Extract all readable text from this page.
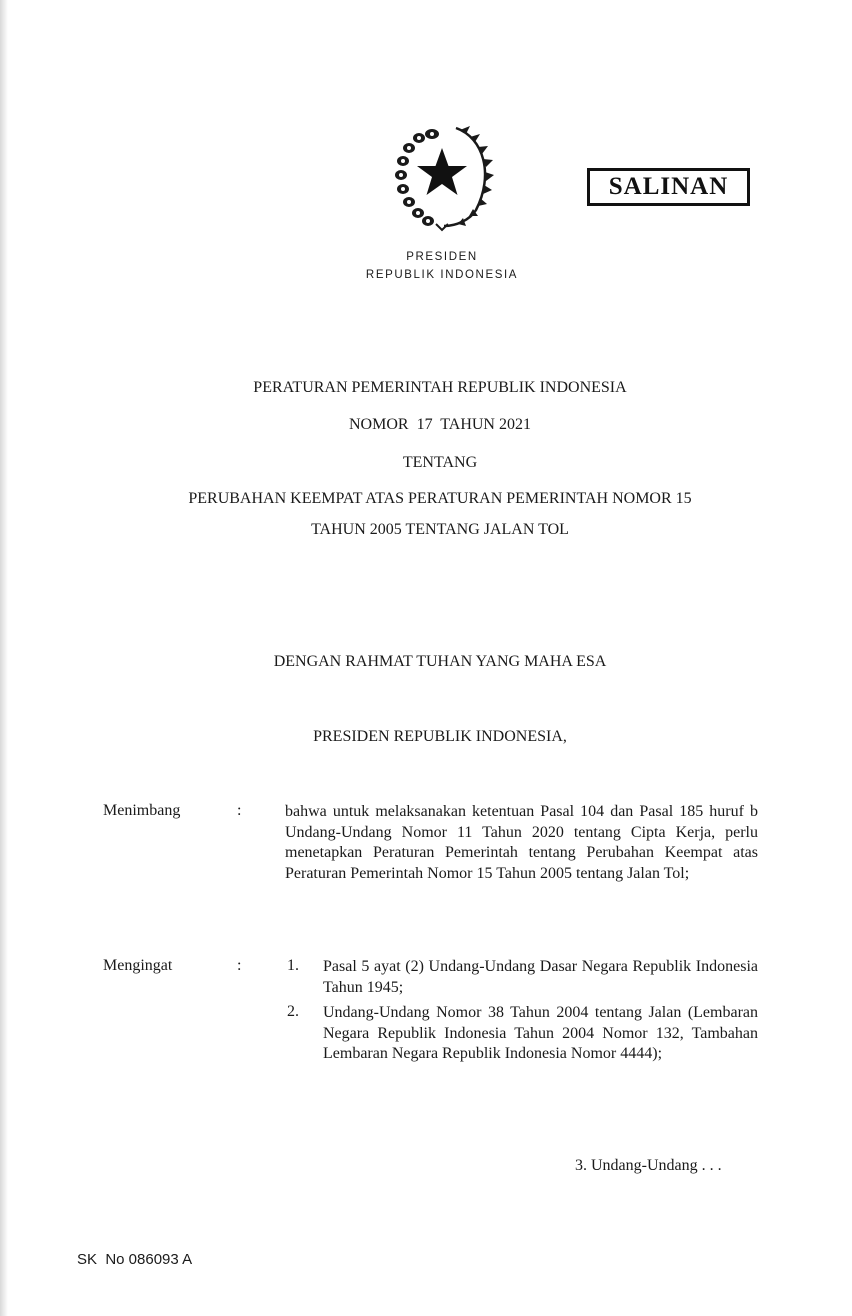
SALINAN
PRESIDEN
REPUBLIK INDONESIA
PERATURAN PEMERINTAH REPUBLIK INDONESIA
NOMOR  17  TAHUN 2021
TENTANG
PERUBAHAN KEEMPAT ATAS PERATURAN PEMERINTAH NOMOR 15
TAHUN 2005 TENTANG JALAN TOL
DENGAN RAHMAT TUHAN YANG MAHA ESA
PRESIDEN REPUBLIK INDONESIA,
Menimbang	:	bahwa untuk melaksanakan ketentuan Pasal 104 dan Pasal 185 huruf b Undang-Undang Nomor 11 Tahun 2020 tentang Cipta Kerja, perlu menetapkan Peraturan Pemerintah tentang Perubahan Keempat atas Peraturan Pemerintah Nomor 15 Tahun 2005 tentang Jalan Tol;
Mengingat	:	1. Pasal 5 ayat (2) Undang-Undang Dasar Negara Republik Indonesia Tahun 1945;
2. Undang-Undang Nomor 38 Tahun 2004 tentang Jalan (Lembaran Negara Republik Indonesia Tahun 2004 Nomor 132, Tambahan Lembaran Negara Republik Indonesia Nomor 4444);
3. Undang-Undang . . .
SK  No 086093 A
